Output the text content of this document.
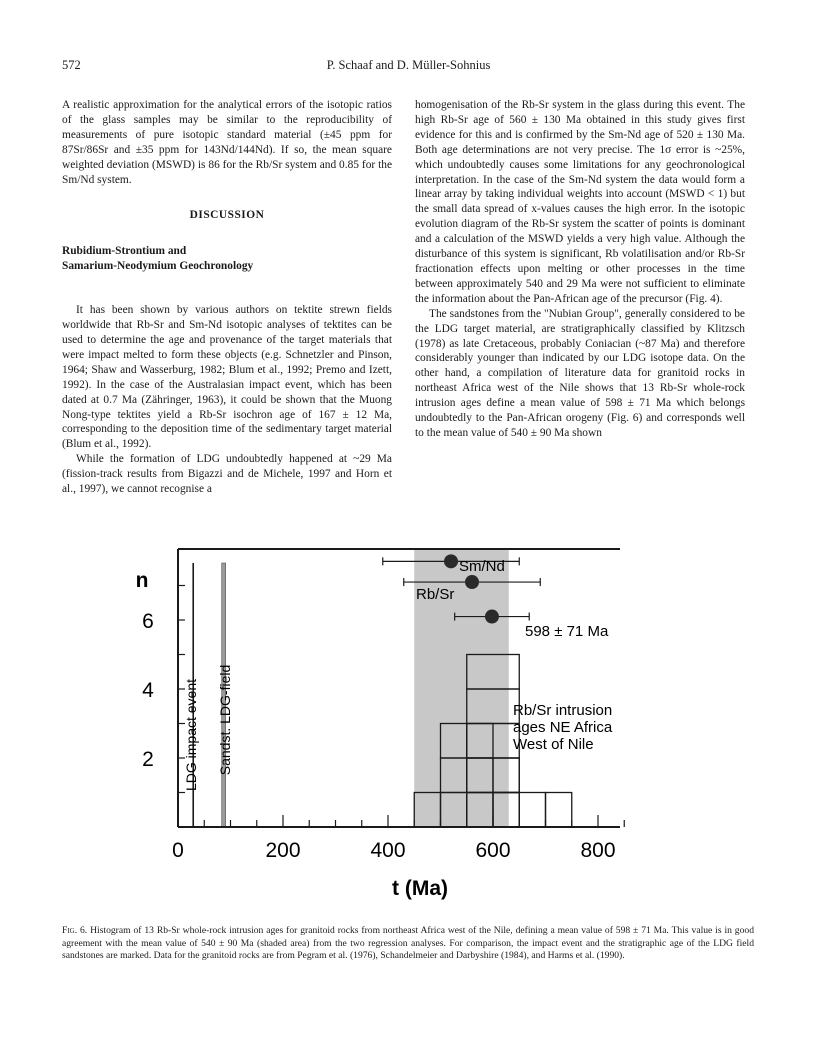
572	P. Schaaf and D. Müller-Sohnius

A realistic approximation for the analytical errors of the isotopic ratios of the glass samples may be similar to the reproducibility of measurements of pure isotopic standard material (±45 ppm for 87Sr/86Sr and ±35 ppm for 143Nd/144Nd). If so, the mean square weighted deviation (MSWD) is 86 for the Rb/Sr system and 0.85 for the Sm/Nd system.

DISCUSSION
Rubidium-Strontium and
Samarium-Neodymium Geochronology

It has been shown by various authors on tektite strewn fields worldwide that Rb-Sr and Sm-Nd isotopic analyses of tektites can be used to determine the age and provenance of the target materials that were impact melted to form these objects (e.g. Schnetzler and Pinson, 1964; Shaw and Wasserburg, 1982; Blum et al., 1992; Premo and Izett, 1992). In the case of the Australasian impact event, which has been dated at 0.7 Ma (Zähringer, 1963), it could be shown that the Muong Nong-type tektites yield a Rb-Sr isochron age of 167 ± 12 Ma, corresponding to the deposition time of the sedimentary target material (Blum et al., 1992).

While the formation of LDG undoubtedly happened at ~29 Ma (fission-track results from Bigazzi and de Michele, 1997 and Horn et al., 1997), we cannot recognise a

homogenisation of the Rb-Sr system in the glass during this event. The high Rb-Sr age of 560 ± 130 Ma obtained in this study gives first evidence for this and is confirmed by the Sm-Nd age of 520 ± 130 Ma. Both age determinations are not very precise. The 1σ error is ~25%, which undoubtedly causes some limitations for any geochronological interpretation. In the case of the Sm-Nd system the data would form a linear array by taking individual weights into account (MSWD < 1) but the small data spread of x-values causes the high error. In the isotopic evolution diagram of the Rb-Sr system the scatter of points is dominant and a calculation of the MSWD yields a very high value. Although the disturbance of this system is significant, Rb volatilisation and/or Rb-Sr fractionation effects upon melting or other processes in the time between approximately 540 and 29 Ma were not sufficient to eliminate the information about the Pan-African age of the precursor (Fig. 4).

The sandstones from the "Nubian Group", generally considered to be the LDG target material, are stratigraphically classified by Klitzsch (1978) as late Cretaceous, probably Coniacian (~87 Ma) and therefore considerably younger than indicated by our LDG isotope data. On the other hand, a compilation of literature data for granitoid rocks in northeast Africa west of the Nile shows that 13 Rb-Sr whole-rock intrusion ages define a mean value of 598 ± 71 Ma which belongs undoubtedly to the Pan-African orogeny (Fig. 6) and corresponds well to the mean value of 540 ± 90 Ma shown

2
4
6
0	200	400	600	800
n
t (Ma)
LDG impact event Sandst. LDG-field
Sm/Nd
Rb/Sr
598 ± 71 Ma
Rb/Sr intrusion
ages NE Africa
West of Nile
Fig. 6. Histogram of 13 Rb-Sr whole-rock intrusion ages for granitoid rocks from northeast Africa west of the Nile, defining a mean value of 598 ± 71 Ma. This value is in good agreement with the mean value of 540 ± 90 Ma (shaded area) from the two regression analyses. For comparison, the impact event and the stratigraphic age of the LDG field sandstones are marked. Data for the granitoid rocks are from Pegram et al. (1976), Schandelmeier and Darbyshire (1984), and Harms et al. (1990).
